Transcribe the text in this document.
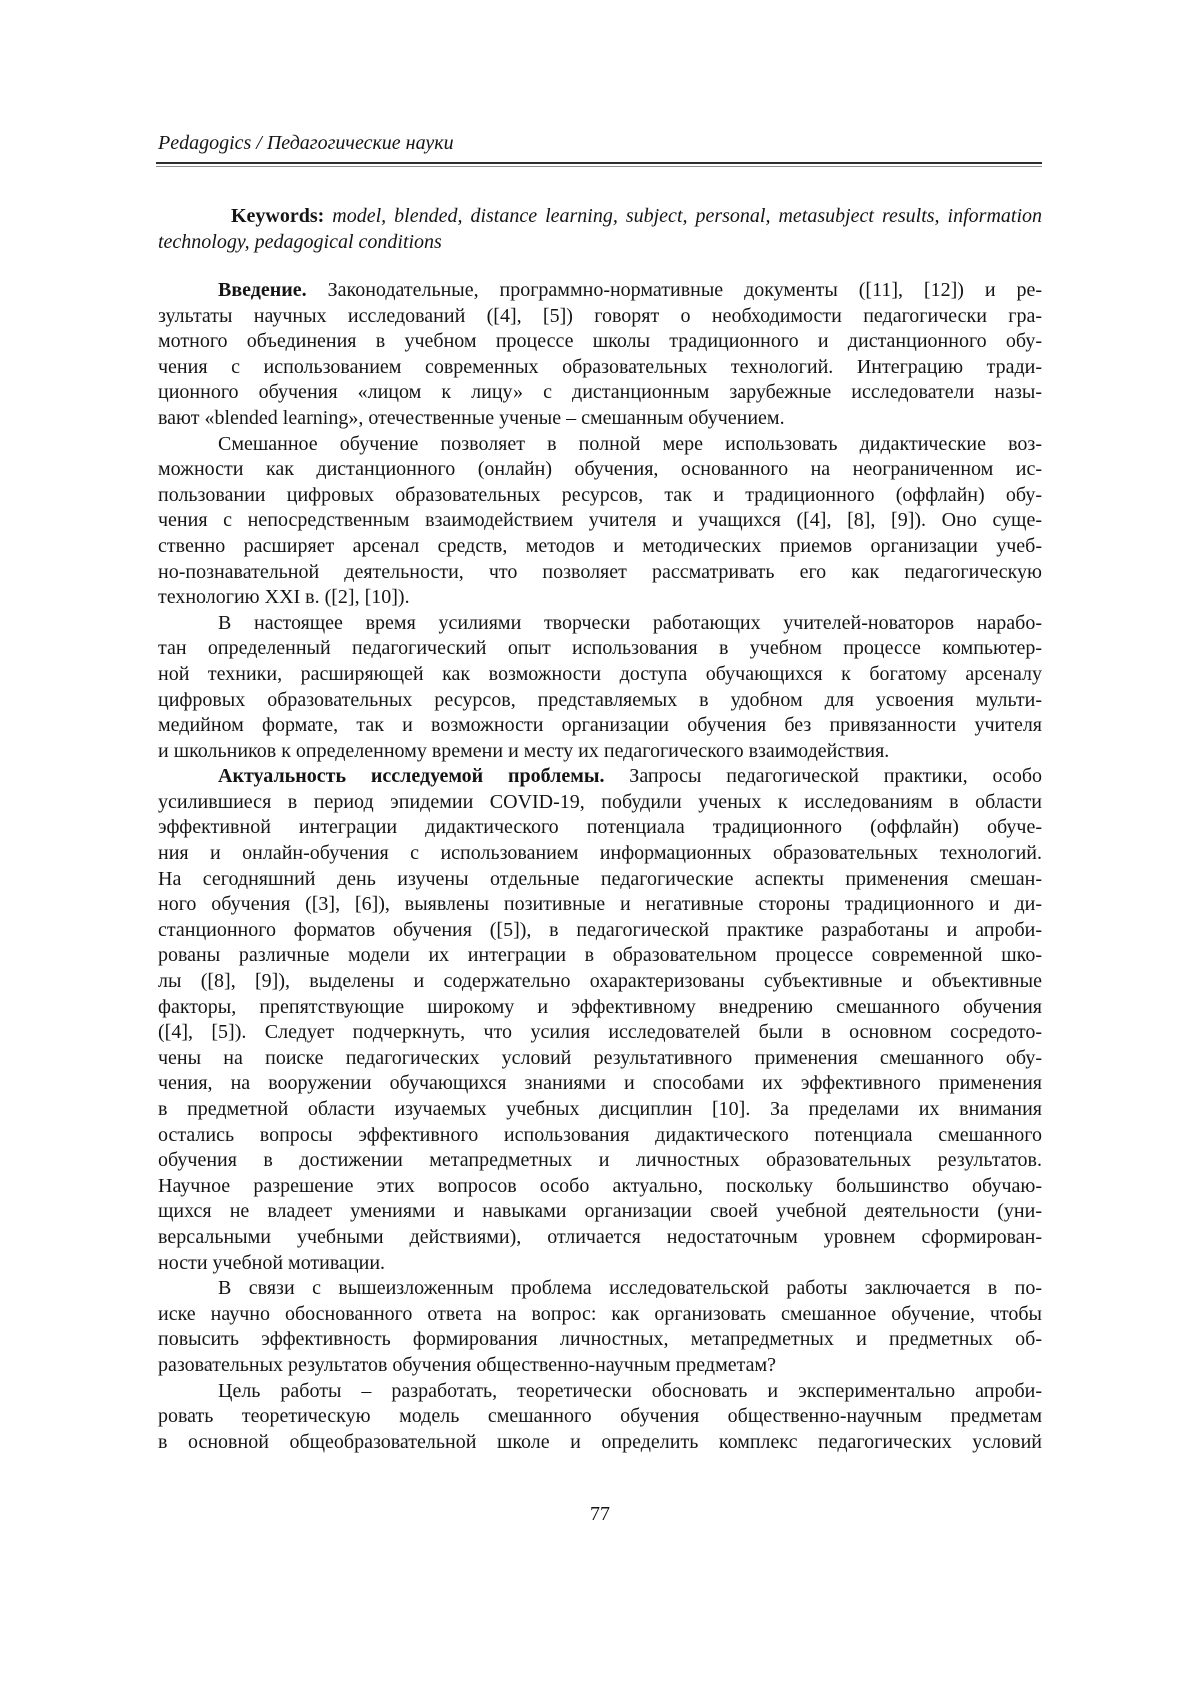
Pedagogics / Педагогические науки
Keywords: model, blended, distance learning, subject, personal, metasubject results, information
technology, pedagogical conditions
Введение. Законодательные, программно-нормативные документы ([11], [12]) и ре-
зультаты научных исследований ([4], [5]) говорят о необходимости педагогически гра-
мотного объединения в учебном процессе школы традиционного и дистанционного обу-
чения с использованием современных образовательных технологий. Интеграцию тради-
ционного обучения «лицом к лицу» с дистанционным зарубежные исследователи назы-
вают «blended learning», отечественные ученые – смешанным обучением.
Смешанное обучение позволяет в полной мере использовать дидактические воз-
можности как дистанционного (онлайн) обучения, основанного на неограниченном ис-
пользовании цифровых образовательных ресурсов, так и традиционного (оффлайн) обу-
чения с непосредственным взаимодействием учителя и учащихся ([4], [8], [9]). Оно суще-
ственно расширяет арсенал средств, методов и методических приемов организации учеб-
но-познавательной деятельности, что позволяет рассматривать его как педагогическую
технологию XXI в. ([2], [10]).
В настоящее время усилиями творчески работающих учителей-новаторов нарабо-
тан определенный педагогический опыт использования в учебном процессе компьютер-
ной техники, расширяющей как возможности доступа обучающихся к богатому арсеналу
цифровых образовательных ресурсов, представляемых в удобном для усвоения мульти-
медийном формате, так и возможности организации обучения без привязанности учителя
и школьников к определенному времени и месту их педагогического взаимодействия.
Актуальность исследуемой проблемы. Запросы педагогической практики, особо
усилившиеся в период эпидемии COVID-19, побудили ученых к исследованиям в области
эффективной интеграции дидактического потенциала традиционного (оффлайн) обуче-
ния и онлайн-обучения с использованием информационных образовательных технологий.
На сегодняшний день изучены отдельные педагогические аспекты применения смешан-
ного обучения ([3], [6]), выявлены позитивные и негативные стороны традиционного и ди-
станционного форматов обучения ([5]), в педагогической практике разработаны и апроби-
рованы различные модели их интеграции в образовательном процессе современной шко-
лы ([8], [9]), выделены и содержательно охарактеризованы субъективные и объективные
факторы, препятствующие широкому и эффективному внедрению смешанного обучения
([4], [5]). Следует подчеркнуть, что усилия исследователей были в основном сосредото-
чены на поиске педагогических условий результативного применения смешанного обу-
чения, на вооружении обучающихся знаниями и способами их эффективного применения
в предметной области изучаемых учебных дисциплин [10]. За пределами их внимания
остались вопросы эффективного использования дидактического потенциала смешанного
обучения в достижении метапредметных и личностных образовательных результатов.
Научное разрешение этих вопросов особо актуально, поскольку большинство обучаю-
щихся не владеет умениями и навыками организации своей учебной деятельности (уни-
версальными учебными действиями), отличается недостаточным уровнем сформирован-
ности учебной мотивации.
В связи с вышеизложенным проблема исследовательской работы заключается в по-
иске научно обоснованного ответа на вопрос: как организовать смешанное обучение, чтобы
повысить эффективность формирования личностных, метапредметных и предметных об-
разовательных результатов обучения общественно-научным предметам?
Цель работы – разработать, теоретически обосновать и экспериментально апроби-
ровать теоретическую модель смешанного обучения общественно-научным предметам
в основной общеобразовательной школе и определить комплекс педагогических условий
77
